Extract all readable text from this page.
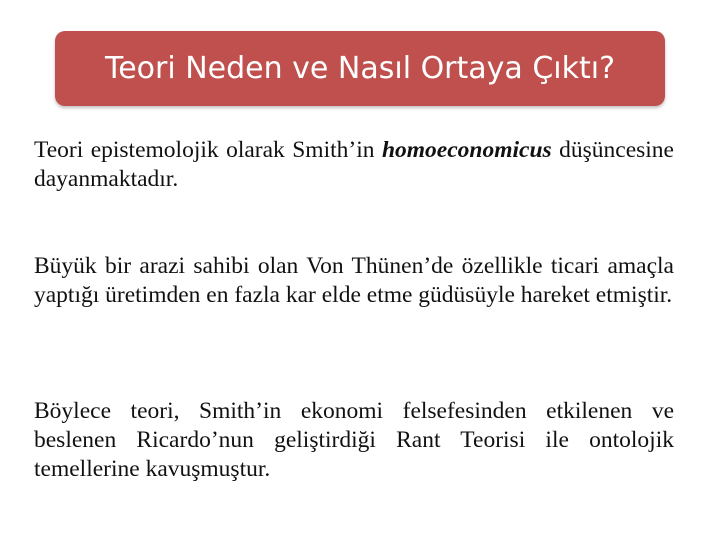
Teori Neden ve Nasıl Ortaya Çıktı?
Teori epistemolojik olarak Smith’in homoeconomicus düşüncesine dayanmaktadır.
Büyük bir arazi sahibi olan Von Thünen’de özellikle ticari amaçla yaptığı üretimden en fazla kar elde etme güdüsüyle hareket etmiştir.
Böylece teori, Smith’in ekonomi felsefesinden etkilenen ve beslenen Ricardo’nun geliştirdiği Rant Teorisi ile ontolojik temellerine kavuşmuştur.
